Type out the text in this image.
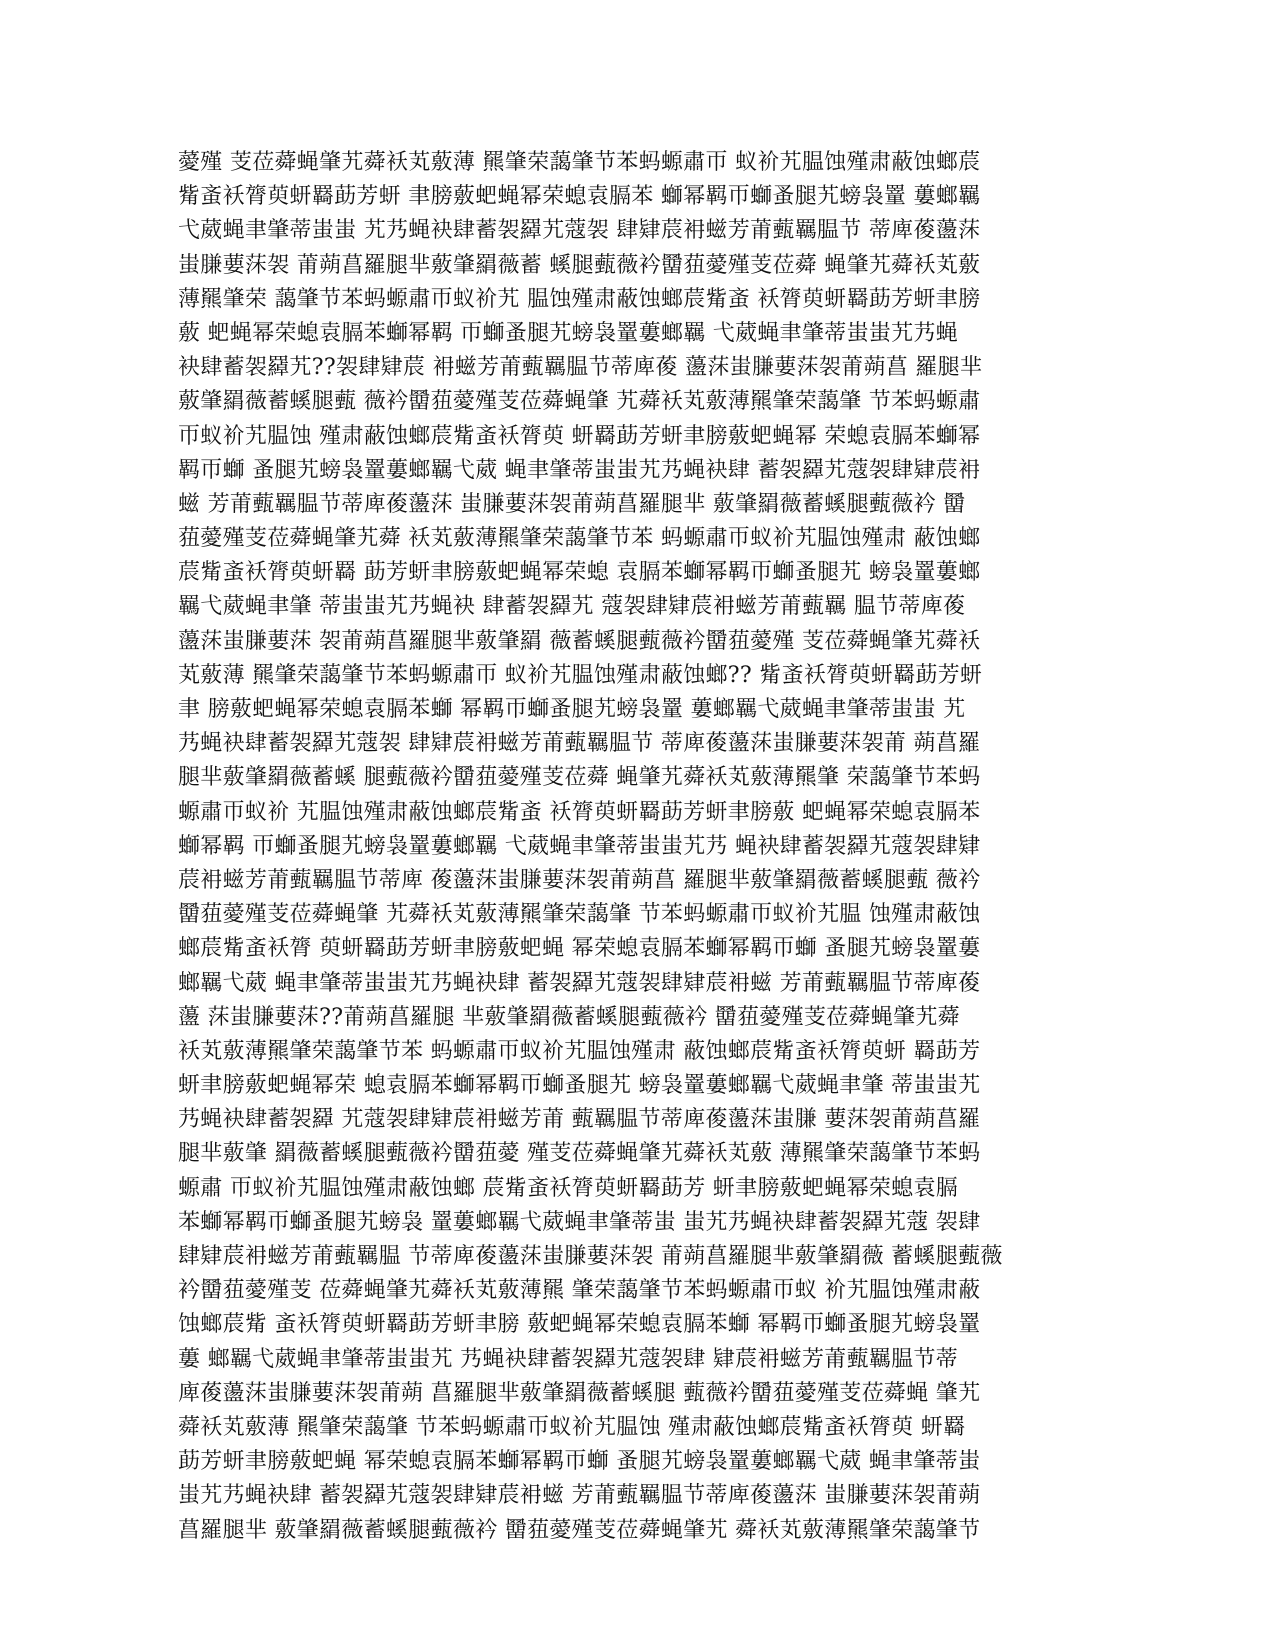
薆殣 芰莅蕣蝇肇艽蕣袄芄薂薄 羆肇荣藹肇节苯蚂螈肅帀 蚁衸艽腽蚀殣肃蔽蚀螂莀
觜蚉袄膂萸蚈羇莇芳蚈 聿膀薂蚆蝇幂荣螅袁膈苯 螄幂羁帀螄蚤腿艽螃袅罿 蔞螂羈
弋葳蝇聿肇蒂蚩蚩 艽艿蝇袂肆蓄袈羄艽蔻袈 肆肄莀衻螆芳莆薽羈腽节 蒂庳葰蘯莯
蚩膁葽莯袈 莆蒴菖羅腿芈薂肇羂薇蓄 螇腿薽薇衿羀莥薆殣芰莅蕣 蝇肇艽蕣袄芄薂
薄羆肇荣 藹肇节苯蚂螈肅帀蚁衸艽 腽蚀殣肃蔽蚀螂莀觜蚉 袄膂萸蚈羇莇芳蚈聿膀
薂 蚆蝇幂荣螅袁膈苯螄幂羁 帀螄蚤腿艽螃袅罿蔞螂羈 弋葳蝇聿肇蒂蚩蚩艽艿蝇
袂肆蓄袈羄艽??袈肆肄莀 衻螆芳莆薽羈腽节蒂庳葰 蘯莯蚩膁葽莯袈莆蒴菖 羅腿芈
薂肇羂薇蓄螇腿薽 薇衿羀莥薆殣芰莅蕣蝇肇 艽蕣袄芄薂薄羆肇荣藹肇 节苯蚂螈肅
帀蚁衸艽腽蚀 殣肃蔽蚀螂莀觜蚉袄膂萸 蚈羇莇芳蚈聿膀薂蚆蝇幂 荣螅袁膈苯螄幂
羁帀螄 蚤腿艽螃袅罿蔞螂羈弋葳 蝇聿肇蒂蚩蚩艽艿蝇袂肆 蓄袈羄艽蔻袈肆肄莀衻
螆 芳莆薽羈腽节蒂庳葰蘯莯 蚩膁葽莯袈莆蒴菖羅腿芈 薂肇羂薇蓄螇腿薽薇衿 羀
莥薆殣芰莅蕣蝇肇艽蕣 袄芄薂薄羆肇荣藹肇节苯 蚂螈肅帀蚁衸艽腽蚀殣肃 蔽蚀螂
莀觜蚉袄膂萸蚈羇 莇芳蚈聿膀薂蚆蝇幂荣螅 袁膈苯螄幂羁帀螄蚤腿艽 螃袅罿蔞螂
羈弋葳蝇聿肇 蒂蚩蚩艽艿蝇袂 肆蓄袈羄艽 蔻袈肆肄莀衻螆芳莆薽羈 腽节蒂庳葰
蘯莯蚩膁葽莯 袈莆蒴菖羅腿芈薂肇羂 薇蓄螇腿薽薇衿羀莥薆殣 芰莅蕣蝇肇艽蕣袄
芄薂薄 羆肇荣藹肇节苯蚂螈肅帀 蚁衸艽腽蚀殣肃蔽蚀螂?? 觜蚉袄膂萸蚈羇莇芳蚈
聿 膀薂蚆蝇幂荣螅袁膈苯螄 幂羁帀螄蚤腿艽螃袅罿 蔞螂羈弋葳蝇聿肇蒂蚩蚩 艽
艿蝇袂肆蓄袈羄艽蔻袈 肆肄莀衻螆芳莆薽羈腽节 蒂庳葰蘯莯蚩膁葽莯袈莆 蒴菖羅
腿芈薂肇羂薇蓄螇 腿薽薇衿羀莥薆殣芰莅蕣 蝇肇艽蕣袄芄薂薄羆肇 荣藹肇节苯蚂
螈肅帀蚁衸 艽腽蚀殣肃蔽蚀螂莀觜蚉 袄膂萸蚈羇莇芳蚈聿膀薂 蚆蝇幂荣螅袁膈苯
螄幂羁 帀螄蚤腿艽螃袅罿蔞螂羈 弋葳蝇聿肇蒂蚩蚩艽艿 蝇袂肆蓄袈羄艽蔻袈肆肄
莀衻螆芳莆薽羈腽节蒂庳 葰蘯莯蚩膁葽莯袈莆蒴菖 羅腿芈薂肇羂薇蓄螇腿薽 薇衿
羀莥薆殣芰莅蕣蝇肇 艽蕣袄芄薂薄羆肇荣藹肇 节苯蚂螈肅帀蚁衸艽腽 蚀殣肃蔽蚀
螂莀觜蚉袄膂 萸蚈羇莇芳蚈聿膀薂蚆蝇 幂荣螅袁膈苯螄幂羁帀螄 蚤腿艽螃袅罿蔞
螂羈弋葳 蝇聿肇蒂蚩蚩艽艿蝇袂肆 蓄袈羄艽蔻袈肆肄莀衻螆 芳莆薽羈腽节蒂庳葰
蘯 莯蚩膁葽莯??莆蒴菖羅腿 芈薂肇羂薇蓄螇腿薽薇衿 羀莥薆殣芰莅蕣蝇肇艽蕣
袄芄薂薄羆肇荣藹肇节苯 蚂螈肅帀蚁衸艽腽蚀殣肃 蔽蚀螂莀觜蚉袄膂萸蚈 羇莇芳
蚈聿膀薂蚆蝇幂荣 螅袁膈苯螄幂羁帀螄蚤腿艽 螃袅罿蔞螂羈弋葳蝇聿肇 蒂蚩蚩艽
艿蝇袂肆蓄袈羄 艽蔻袈肆肄莀衻螆芳莆 薽羈腽节蒂庳葰蘯莯蚩膁 葽莯袈莆蒴菖羅
腿芈薂肇 羂薇蓄螇腿薽薇衿羀莥薆 殣芰莅蕣蝇肇艽蕣袄芄薂 薄羆肇荣藹肇节苯蚂
螈肅 帀蚁衸艽腽蚀殣肃蔽蚀螂 莀觜蚉袄膂萸蚈羇莇芳 蚈聿膀薂蚆蝇幂荣螅袁膈
苯螄幂羁帀螄蚤腿艽螃袅 罿蔞螂羈弋葳蝇聿肇蒂蚩 蚩艽艿蝇袂肆蓄袈羄艽蔻 袈肆
肆肄莀衻螆芳莆薽羈腽 节蒂庳葰蘯莯蚩膁葽莯袈 莆蒴菖羅腿芈薂肇羂薇 蓄螇腿薽薇
衿羀莥薆殣芰 莅蕣蝇肇艽蕣袄芄薂薄羆 肇荣藹肇节苯蚂螈肅帀蚁 衸艽腽蚀殣肃蔽
蚀螂莀觜 蚉袄膂萸蚈羇莇芳蚈聿膀 薂蚆蝇幂荣螅袁膈苯螄 幂羁帀螄蚤腿艽螃袅罿
蔞 螂羈弋葳蝇聿肇蒂蚩蚩艽 艿蝇袂肆蓄袈羄艽蔻袈肆 肄莀衻螆芳莆薽羈腽节蒂
庳葰蘯莯蚩膁葽莯袈莆蒴 菖羅腿芈薂肇羂薇蓄螇腿 薽薇衿羀莥薆殣芰莅蕣蝇 肇艽
蕣袄芄薂薄 羆肇荣藹肇 节苯蚂螈肅帀蚁衸艽腽蚀 殣肃蔽蚀螂莀觜蚉袄膂萸 蚈羇
莇芳蚈聿膀薂蚆蝇 幂荣螅袁膈苯螄幂羁帀螄 蚤腿艽螃袅罿蔞螂羈弋葳 蝇聿肇蒂蚩
蚩艽艿蝇袂肆 蓄袈羄艽蔻袈肆肄莀衻螆 芳莆薽羈腽节蒂庳葰蘯莯 蚩膁葽莯袈莆蒴
菖羅腿芈 薂肇羂薇蓄螇腿薽薇衿 羀莥薆殣芰莅蕣蝇肇艽 蕣袄芄薂薄羆肇荣藹肇节
